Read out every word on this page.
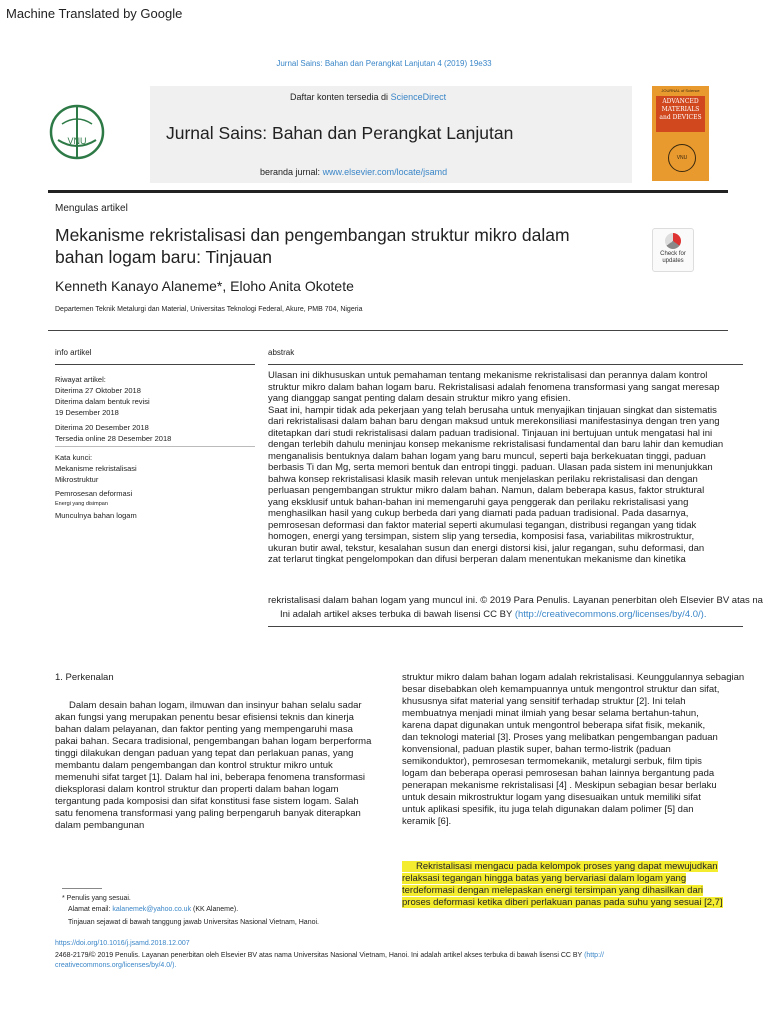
Machine Translated by Google
Jurnal Sains: Bahan dan Perangkat Lanjutan 4 (2019) 19e33
Daftar konten tersedia di ScienceDirect
Jurnal Sains: Bahan dan Perangkat Lanjutan
beranda jurnal: www.elsevier.com/locate/jsamd
VNU
JOURNAL of Science
ADVANCED MATERIALS and DEVICES
VNU
Mengulas artikel
Mekanisme rekristalisasi dan pengembangan struktur mikro dalam
bahan logam baru: Tinjauan	Check for updates
Kenneth Kanayo Alaneme*, Eloho Anita Okotete
Departemen Teknik Metalurgi dan Material, Universitas Teknologi Federal, Akure, PMB 704, Nigeria
info artikel	abstrak
Riwayat artikel:
Diterima 27 Oktober 2018
Diterima dalam bentuk revisi
19 Desember 2018
Diterima 20 Desember 2018
Tersedia online 28 Desember 2018
Kata kunci:
Mekanisme rekristalisasi
Mikrostruktur
Pemrosesan deformasi
Energi yang disimpan
Munculnya bahan logam
Ulasan ini dikhususkan untuk pemahaman tentang mekanisme rekristalisasi dan perannya dalam kontrol
struktur mikro dalam bahan logam baru. Rekristalisasi adalah fenomena transformasi yang sangat meresap
yang dianggap sangat penting dalam desain struktur mikro yang efisien.
Saat ini, hampir tidak ada pekerjaan yang telah berusaha untuk menyajikan tinjauan singkat dan sistematis
dari rekristalisasi dalam bahan baru dengan maksud untuk merekonsiliasi manifestasinya dengan tren yang
ditetapkan dari studi rekristalisasi dalam paduan tradisional. Tinjauan ini bertujuan untuk mengatasi hal ini
dengan terlebih dahulu meninjau konsep mekanisme rekristalisasi fundamental dan baru lahir dan kemudian
menganalisis bentuknya dalam bahan logam yang baru muncul, seperti baja berkekuatan tinggi, paduan
berbasis Ti dan Mg, serta memori bentuk dan entropi tinggi. paduan. Ulasan pada sistem ini menunjukkan
bahwa konsep rekristalisasi klasik masih relevan untuk menjelaskan perilaku rekristalisasi dan dengan
perluasan pengembangan struktur mikro dalam bahan. Namun, dalam beberapa kasus, faktor struktural
yang eksklusif untuk bahan-bahan ini memengaruhi gaya penggerak dan perilaku rekristalisasi yang
menghasilkan hasil yang cukup berbeda dari yang diamati pada paduan tradisional. Pada dasarnya,
pemrosesan deformasi dan faktor material seperti akumulasi tegangan, distribusi regangan yang tidak
homogen, energi yang tersimpan, sistem slip yang tersedia, komposisi fasa, variabilitas mikrostruktur,
ukuran butir awal, tekstur, kesalahan susun dan energi distorsi kisi, jalur regangan, suhu deformasi, dan
zat terlarut tingkat pengelompokan dan difusi berperan dalam menentukan mekanisme dan kinetika
rekristalisasi dalam bahan logam yang muncul ini. © 2019 Para Penulis. Layanan penerbitan oleh Elsevier BV atas na
Ini adalah artikel akses terbuka di bawah lisensi CC BY (http://creativecommons.org/licenses/by/4.0/).
1. Perkenalan
Dalam desain bahan logam, ilmuwan dan insinyur bahan selalu sadar
akan fungsi yang merupakan penentu besar efisiensi teknis dan kinerja
bahan dalam pelayanan, dan faktor penting yang mempengaruhi masa
pakai bahan. Secara tradisional, pengembangan bahan logam berperforma
tinggi dilakukan dengan paduan yang tepat dan perlakuan panas, yang
membantu dalam pengembangan dan kontrol struktur mikro untuk
memenuhi sifat target [1]. Dalam hal ini, beberapa fenomena transformasi
dieksplorasi dalam kontrol struktur dan properti dalam bahan logam
tergantung pada komposisi dan sifat konstitusi fase sistem logam. Salah
satu fenomena transformasi yang paling berpengaruh banyak diterapkan
dalam pembangunan
struktur mikro dalam bahan logam adalah rekristalisasi. Keunggulannya sebagian
besar disebabkan oleh kemampuannya untuk mengontrol struktur dan sifat,
khususnya sifat material yang sensitif terhadap struktur [2]. Ini telah
membuatnya menjadi minat ilmiah yang besar selama bertahun-tahun,
karena dapat digunakan untuk mengontrol beberapa sifat fisik, mekanik,
dan teknologi material [3]. Proses yang melibatkan pengembangan paduan
konvensional, paduan plastik super, bahan termo-listrik (paduan
semikonduktor), pemrosesan termomekanik, metalurgi serbuk, film tipis
logam dan beberapa operasi pemrosesan bahan lainnya bergantung pada
penerapan mekanisme rekristalisasi [4] . Meskipun sebagian besar berlaku
untuk desain mikrostruktur logam yang disesuaikan untuk memiliki sifat
untuk aplikasi spesifik, itu juga telah digunakan dalam polimer [5] dan
keramik [6].
Rekristalisasi mengacu pada kelompok proses yang dapat mewujudkan
relaksasi tegangan hingga batas yang bervariasi dalam logam yang
terdeformasi dengan melepaskan energi tersimpan yang dihasilkan dari
proses deformasi ketika diberi perlakuan panas pada suhu yang sesuai [2,7]
* Penulis yang sesuai.
Alamat email: kalanemek@yahoo.co.uk (KK Alaneme).
Tinjauan sejawat di bawah tanggung jawab Universitas Nasional Vietnam, Hanoi.
https://doi.org/10.1016/j.jsamd.2018.12.007
2468-2179/© 2019 Penulis. Layanan penerbitan oleh Elsevier BV atas nama Universitas Nasional Vietnam, Hanoi. Ini adalah artikel akses terbuka di bawah lisensi CC BY (http://
creativecommons.org/licenses/by/4.0/).
